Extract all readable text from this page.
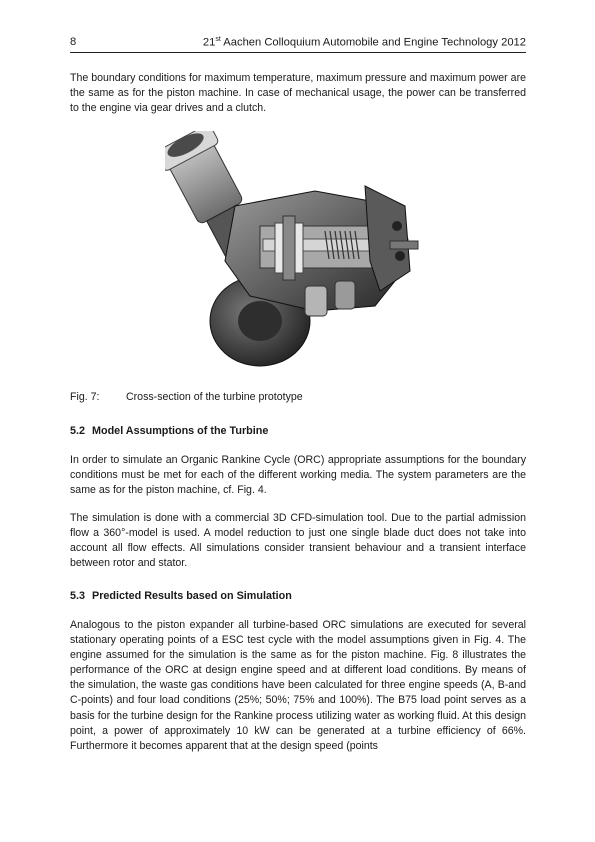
8	21st Aachen Colloquium Automobile and Engine Technology 2012

The boundary conditions for maximum temperature, maximum pressure and maximum power are the same as for the piston machine. In case of mechanical usage, the power can be transferred to the engine via gear drives and a clutch.

Fig. 7:	Cross-section of the turbine prototype
5.2 Model Assumptions of the Turbine

In order to simulate an Organic Rankine Cycle (ORC) appropriate assumptions for the boundary conditions must be met for each of the different working media. The system parameters are the same as for the piston machine, cf. Fig. 4.

The simulation is done with a commercial 3D CFD-simulation tool. Due to the partial admission flow a 360°-model is used. A model reduction to just one single blade duct does not take into account all flow effects. All simulations consider transient behaviour and a transient interface between rotor and stator.

5.3 Predicted Results based on Simulation

Analogous to the piston expander all turbine-based ORC simulations are executed for several stationary operating points of a ESC test cycle with the model assumptions given in Fig. 4. The engine assumed for the simulation is the same as for the piston machine. Fig. 8 illustrates the performance of the ORC at design engine speed and at different load conditions. By means of the simulation, the waste gas conditions have been calculated for three engine speeds (A, B-and C-points) and four load conditions (25%; 50%; 75% and 100%). The B75 load point serves as a basis for the turbine design for the Rankine process utilizing water as working fluid. At this design point, a power of approximately 10 kW can be generated at a turbine efficiency of 66%. Furthermore it becomes apparent that at the design speed (points
